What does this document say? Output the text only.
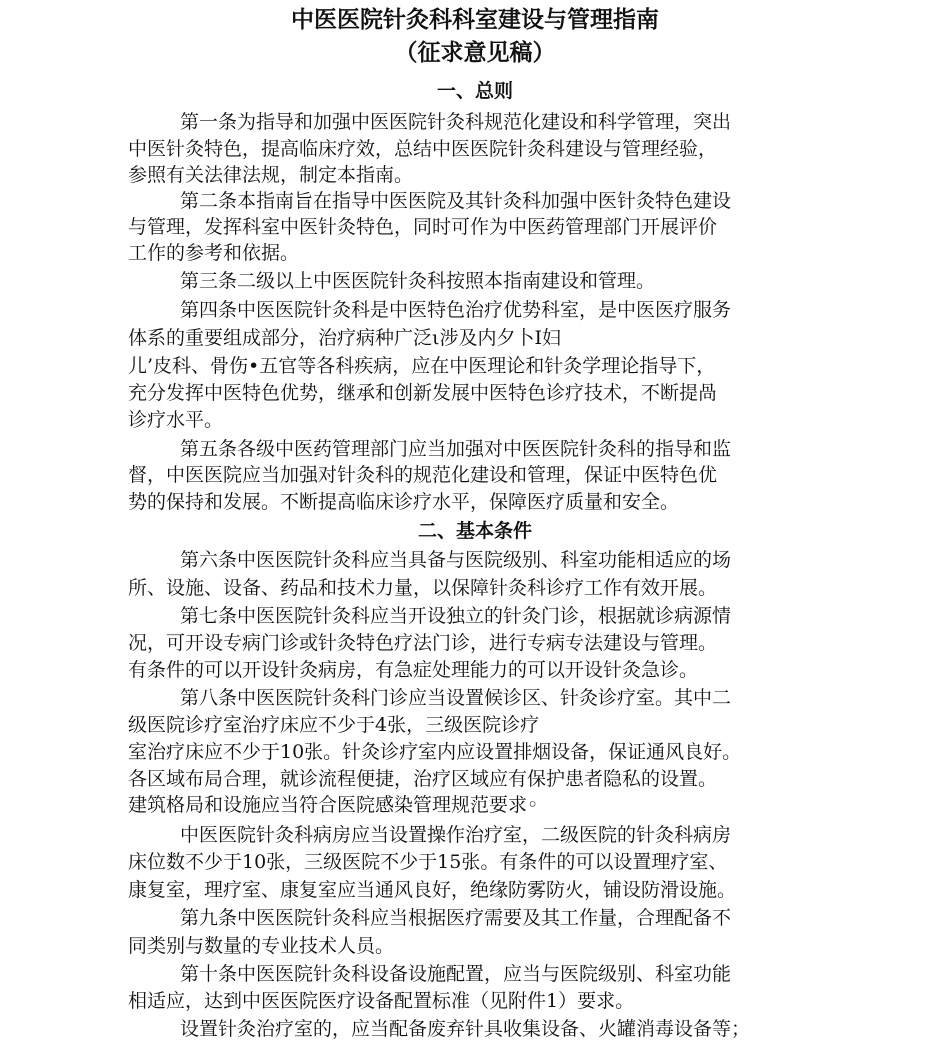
中医医院针灸科科室建设与管理指南
（征求意见稿）
一、总则

第一条为指导和加强中医医院针灸科规范化建设和科学管理，突出

中医针灸特色，提高临床疗效，总结中医医院针灸科建设与管理经验，

参照有关法律法规，制定本指南。

第二条本指南旨在指导中医医院及其针灸科加强中医针灸特色建设

与管理，发挥科室中医针灸特色，同时可作为中医药管理部门开展评价

工作的参考和依据。

第三条二级以上中医医院针灸科按照本指南建设和管理。

第四条中医医院针灸科是中医特色治疗优势科室，是中医医疗服务

体系的重要组成部分，治疗病种广泛ι涉及内夕卜I妇

儿’皮科、骨伤•五官等各科疾病，应在中医理论和针灸学理论指导下，

充分发挥中医特色优势，继承和创新发展中医特色诊疗技术，不断提咼

诊疗水平。

第五条各级中医药管理部门应当加强对中医医院针灸科的指导和监

督，中医医院应当加强对针灸科的规范化建设和管理，保证中医特色优

势的保持和发展。不断提高临床诊疗水平，保障医疗质量和安全。

二、基本条件

第六条中医医院针灸科应当具备与医院级别、科室功能相适应的场

所、设施、设备、药品和技术力量，以保障针灸科诊疗工作有效开展。

第七条中医医院针灸科应当开设独立的针灸门诊，根据就诊病源情

况，可开设专病门诊或针灸特色疗法门诊，进行专病专法建设与管理。

有条件的可以开设针灸病房，有急症处理能力的可以开设针灸急诊。

第八条中医医院针灸科门诊应当设置候诊区、针灸诊疗室。其中二

级医院诊疗室治疗床应不少于4张，三级医院诊疗

室治疗床应不少于10张。针灸诊疗室内应设置排烟设备，保证通风良好。

各区域布局合理，就诊流程便捷，治疗区域应有保护患者隐私的设置。

建筑格局和设施应当符合医院感染管理规范要求◦

中医医院针灸科病房应当设置操作治疗室，二级医院的针灸科病房

床位数不少于10张，三级医院不少于15张。有条件的可以设置理疗室、

康复室，理疗室、康复室应当通风良好，绝缘防雾防火，铺设防滑设施。

第九条中医医院针灸科应当根据医疗需要及其工作量，合理配备不

同类别与数量的专业技术人员。

第十条中医医院针灸科设备设施配置，应当与医院级别、科室功能

相适应，达到中医医院医疗设备配置标准（见附件1）要求。

设置针灸治疗室的，应当配备废弃针具收集设备、火罐消毒设备等；
